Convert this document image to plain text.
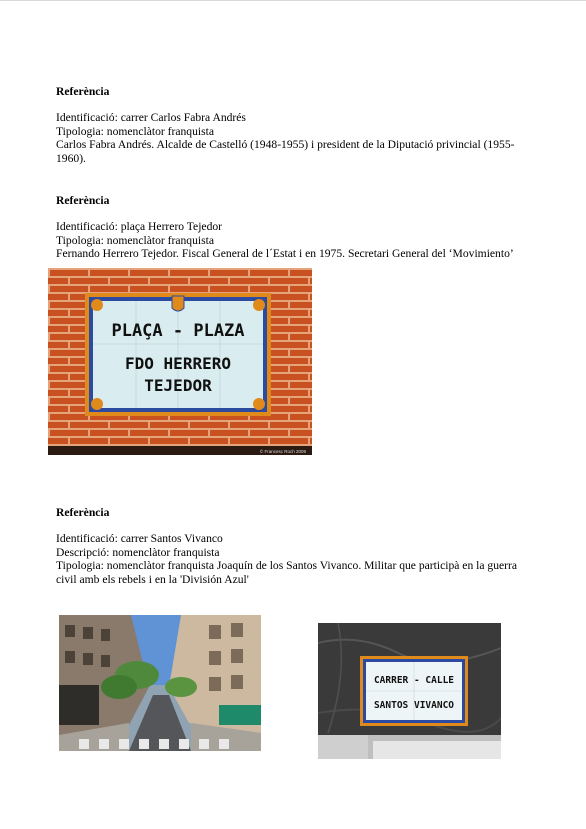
Referència

Identificació: carrer Carlos Fabra Andrés

Tipologia: nomenclàtor franquista

Carlos Fabra Andrés. Alcalde de Castelló (1948-1955) i president de la Diputació privincial (1955-1960).

Referència

Identificació: plaça Herrero Tejedor

Tipologia: nomenclàtor franquista

Fernando Herrero Tejedor. Fiscal General de l´Estat i en 1975. Secretari General del ‘Movimiento’

PLAÇA - PLAZA
FDO HERRERO
TEJEDOR
© Francesc Roch 2009

Referència

Identificació: carrer Santos Vivanco

Descripció: nomenclàtor franquista

Tipologia: nomenclàtor franquista Joaquín de los Santos Vivanco. Militar que participà en la guerra civil amb els rebels i en la 'División Azul'

CARRER - CALLE
SANTOS VIVANCO
